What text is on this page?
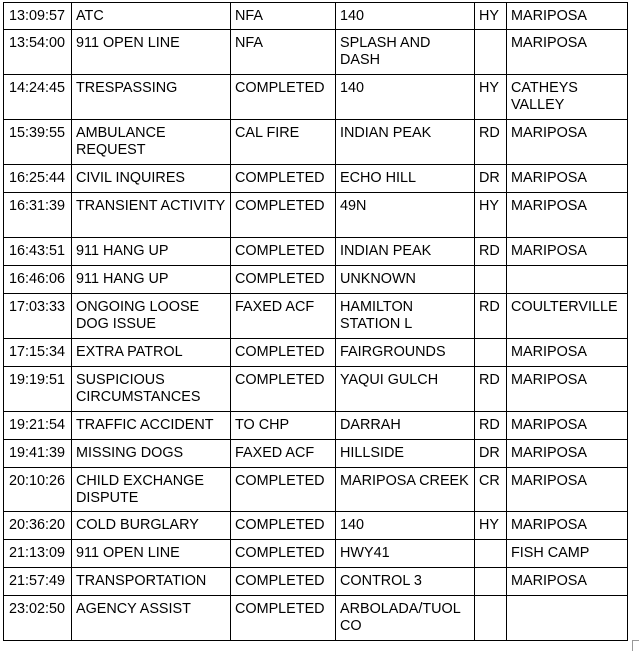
13:09:57	ATC	NFA	140	HY	MARIPOSA
13:54:00	911 OPEN LINE	NFA	SPLASH AND DASH		MARIPOSA
14:24:45	TRESPASSING	COMPLETED	140	HY	CATHEYS VALLEY
15:39:55	AMBULANCE REQUEST	CAL FIRE	INDIAN PEAK	RD	MARIPOSA
16:25:44	CIVIL INQUIRES	COMPLETED	ECHO HILL	DR	MARIPOSA
16:31:39	TRANSIENT ACTIVITY	COMPLETED	49N	HY	MARIPOSA
16:43:51	911 HANG UP	COMPLETED	INDIAN PEAK	RD	MARIPOSA
16:46:06	911 HANG UP	COMPLETED	UNKNOWN		
17:03:33	ONGOING LOOSE DOG ISSUE	FAXED ACF	HAMILTON STATION L	RD	COULTERVILLE
17:15:34	EXTRA PATROL	COMPLETED	FAIRGROUNDS		MARIPOSA
19:19:51	SUSPICIOUS CIRCUMSTANCES	COMPLETED	YAQUI GULCH	RD	MARIPOSA
19:21:54	TRAFFIC ACCIDENT	TO CHP	DARRAH	RD	MARIPOSA
19:41:39	MISSING DOGS	FAXED ACF	HILLSIDE	DR	MARIPOSA
20:10:26	CHILD EXCHANGE DISPUTE	COMPLETED	MARIPOSA CREEK	CR	MARIPOSA
20:36:20	COLD BURGLARY	COMPLETED	140	HY	MARIPOSA
21:13:09	911 OPEN LINE	COMPLETED	HWY41		FISH CAMP
21:57:49	TRANSPORTATION	COMPLETED	CONTROL 3		MARIPOSA
23:02:50	AGENCY ASSIST	COMPLETED	ARBOLADA/TUOL CO		
